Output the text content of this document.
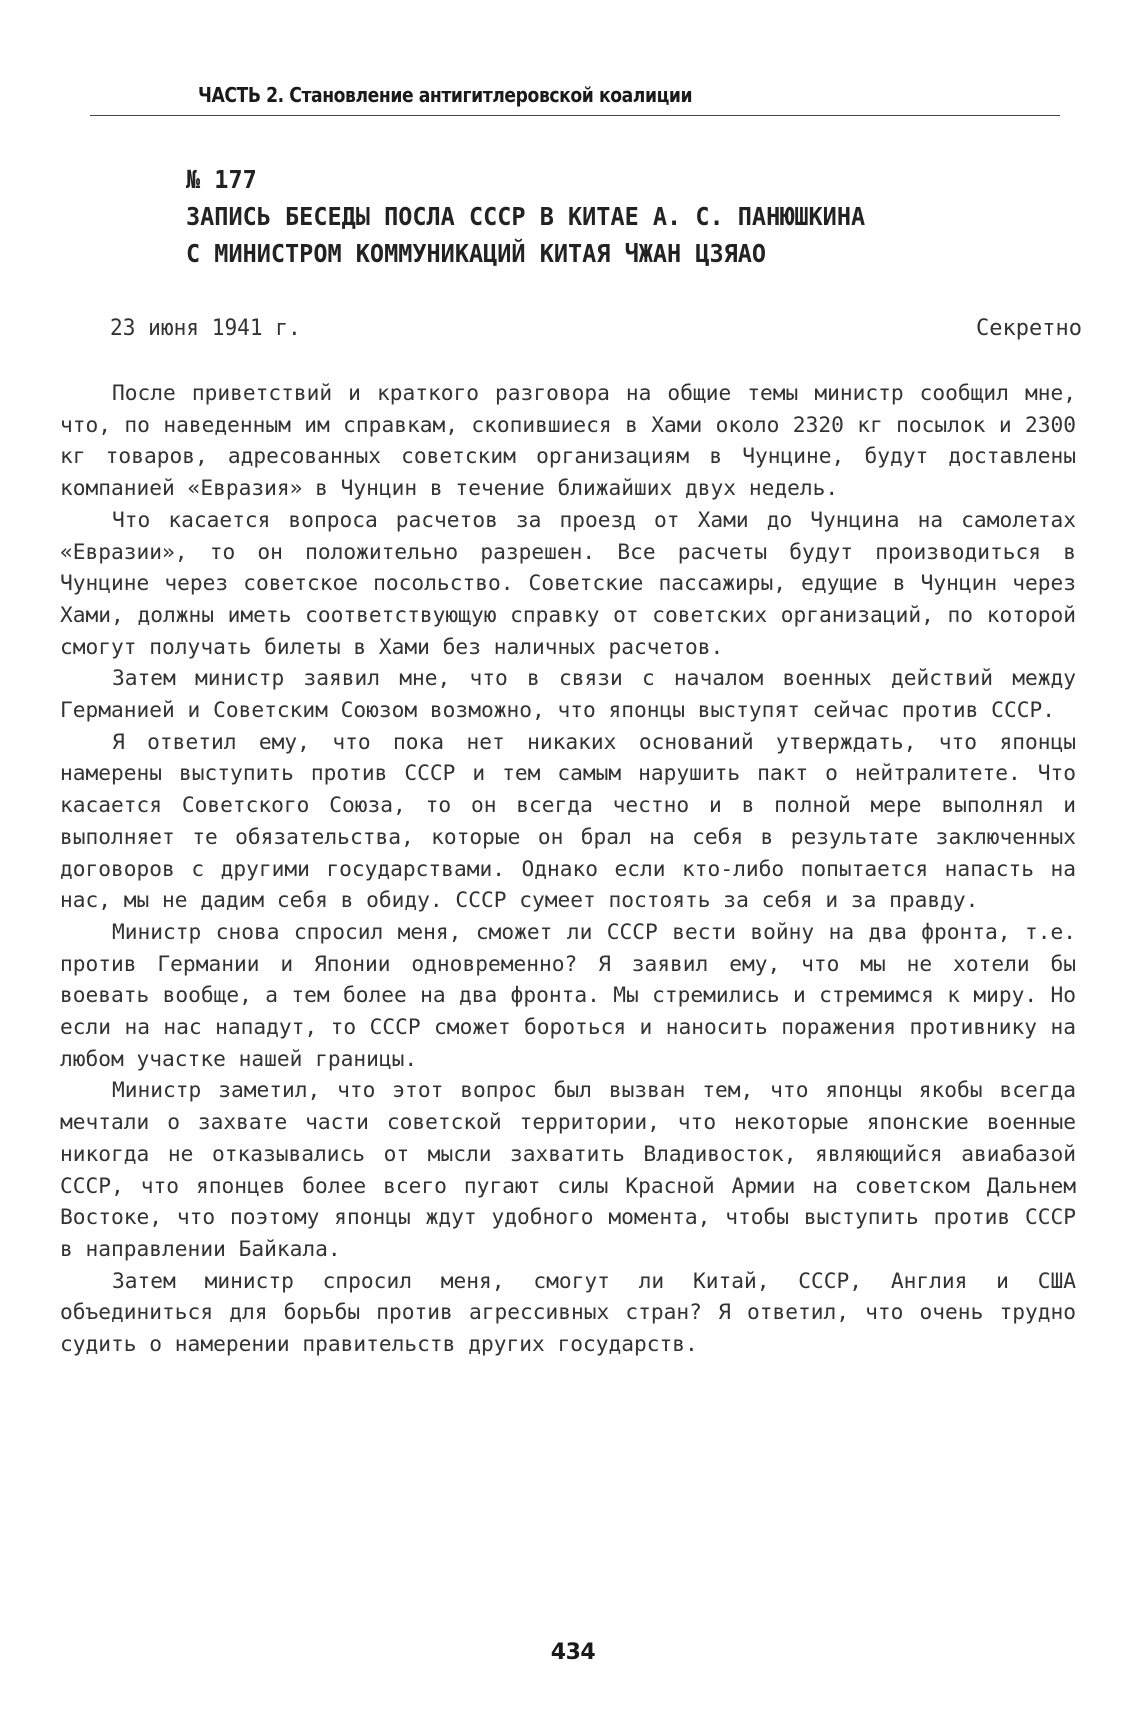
ЧАСТЬ 2. Становление антигитлеровской коалиции
№ 177
ЗАПИСЬ БЕСЕДЫ ПОСЛА СССР В КИТАЕ А. С. ПАНЮШКИНА
С МИНИСТРОМ КОММУНИКАЦИЙ КИТАЯ ЧЖАН ЦЗЯАО
23 июня 1941 г.	Секретно

После приветствий и краткого разговора на общие темы министр сообщил мне, что, по наведенным им справкам, скопившиеся в Хами около 2320 кг посылок и 2300 кг товаров, адресованных советским организациям в Чунцине, будут доставлены компанией «Евразия» в Чунцин в течение ближайших двух недель.

Что касается вопроса расчетов за проезд от Хами до Чунцина на самолетах «Евразии», то он положительно разрешен. Все расчеты будут производиться в Чунцине через советское посольство. Советские пассажиры, едущие в Чунцин через Хами, должны иметь соответствующую справку от советских организаций, по которой смогут получать билеты в Хами без наличных расчетов.

Затем министр заявил мне, что в связи с началом военных действий между Германией и Советским Союзом возможно, что японцы выступят сейчас против СССР.

Я ответил ему, что пока нет никаких оснований утверждать, что японцы намерены выступить против СССР и тем самым нарушить пакт о нейтралитете. Что касается Советского Союза, то он всегда честно и в полной мере выполнял и выполняет те обязательства, которые он брал на себя в результате заключенных договоров с другими государствами. Однако если кто-либо попытается напасть на нас, мы не дадим себя в обиду. СССР сумеет постоять за себя и за правду.

Министр снова спросил меня, сможет ли СССР вести войну на два фронта, т.е. против Германии и Японии одновременно? Я заявил ему, что мы не хотели бы воевать вообще, а тем более на два фронта. Мы стремились и стремимся к миру. Но если на нас нападут, то СССР сможет бороться и наносить поражения противнику на любом участке нашей границы.

Министр заметил, что этот вопрос был вызван тем, что японцы якобы всегда мечтали о захвате части советской территории, что некоторые японские военные никогда не отказывались от мысли захватить Владивосток, являющийся авиабазой СССР, что японцев более всего пугают силы Красной Армии на советском Дальнем Востоке, что поэтому японцы ждут удобного момента, чтобы выступить против СССР в направлении Байкала.

Затем министр спросил меня, смогут ли Китай, СССР, Англия и США объединиться для борьбы против агрессивных стран? Я ответил, что очень трудно судить о намерении правительств других государств.

434
